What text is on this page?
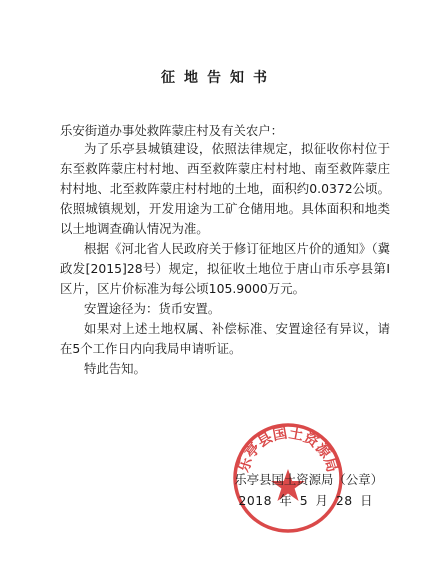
征地告知书
乐安街道办事处救阵蒙庄村及有关农户：

为了乐亭县城镇建设，依照法律规定，拟征收你村位于东至救阵蒙庄村村地、西至救阵蒙庄村村地、南至救阵蒙庄村村地、北至救阵蒙庄村村地的土地，面积约0.0372公顷。依照城镇规划，开发用途为工矿仓储用地。具体面积和地类以土地调查确认情况为准。

根据《河北省人民政府关于修订征地区片价的通知》（冀政发[2015]28号）规定，拟征收土地位于唐山市乐亭县第Ⅰ区片，区片价标准为每公顷105.9000万元。

安置途径为：货币安置。

如果对上述土地权属、补偿标准、安置途径有异议，请在5个工作日内向我局申请听证。

特此告知。

乐亭县国土资源局
乐亭县国土资源局（公章）
2018 年 5 月 28 日
